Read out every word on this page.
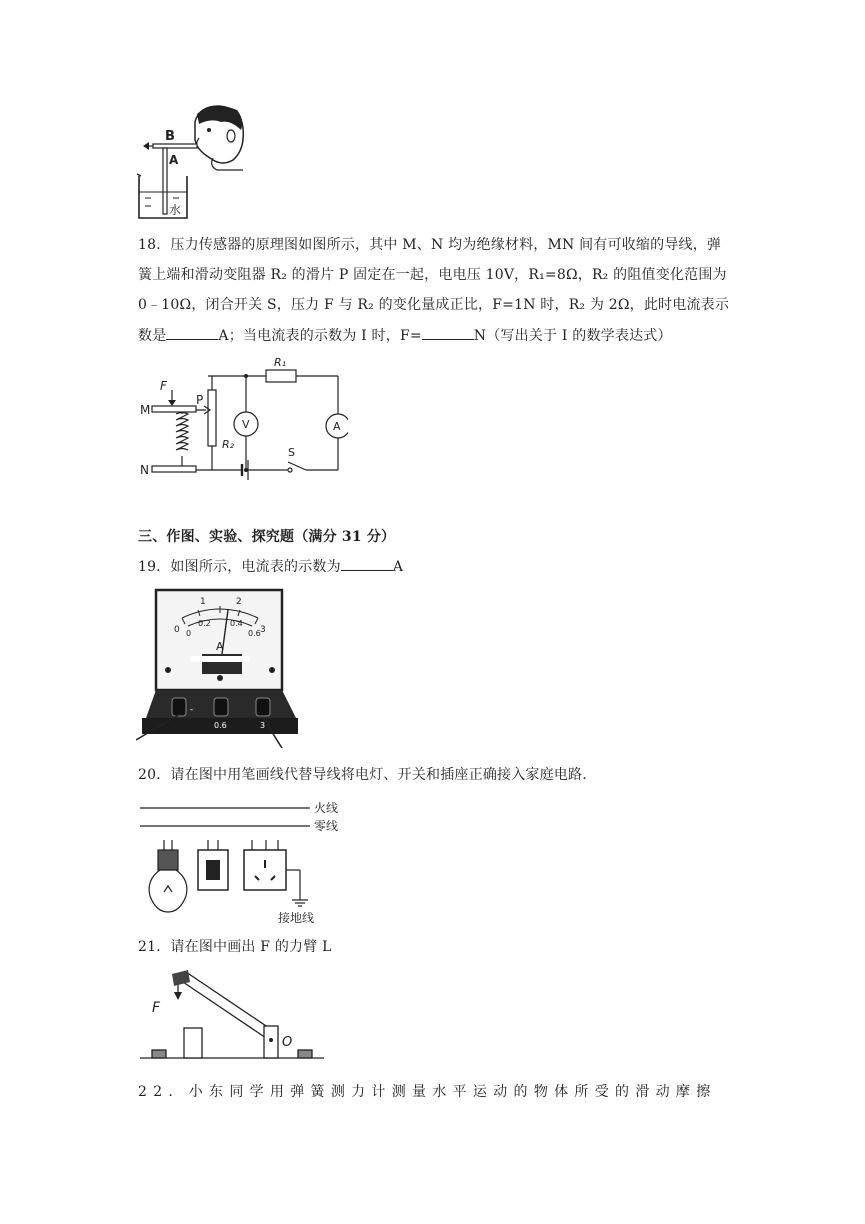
B
A
水
18．压力传感器的原理图如图所示，其中 M、N 均为绝缘材料，MN 间有可收缩的导线，弹
簧上端和滑动变阻器 R₂ 的滑片 P 固定在一起，电电压 10V，R₁=8Ω，R₂ 的阻值变化范围为
0﹣10Ω，闭合开关 S，压力 F 与 R₂ 的变化量成正比，F=1N 时，R₂ 为 2Ω，此时电流表示
数是	A；当电流表的示数为 I 时，F=	N（写出关于 I 的数学表达式）
F
M
P
N
R₁
R₂
V	A
S
三、作图、实验、探究题（满分 31 分）
19．如图所示，电流表的示数为	A
0
1	2
3
0
0.2 0.4
0.6
A
-
0.6	3
20．请在图中用笔画线代替导线将电灯、开关和插座正确接入家庭电路.
火线
零线
接地线
21．请在图中画出 F 的力臂 L
F
O
22．小东同学用弹簧测力计测量水平运动的物体所受的滑动摩擦
